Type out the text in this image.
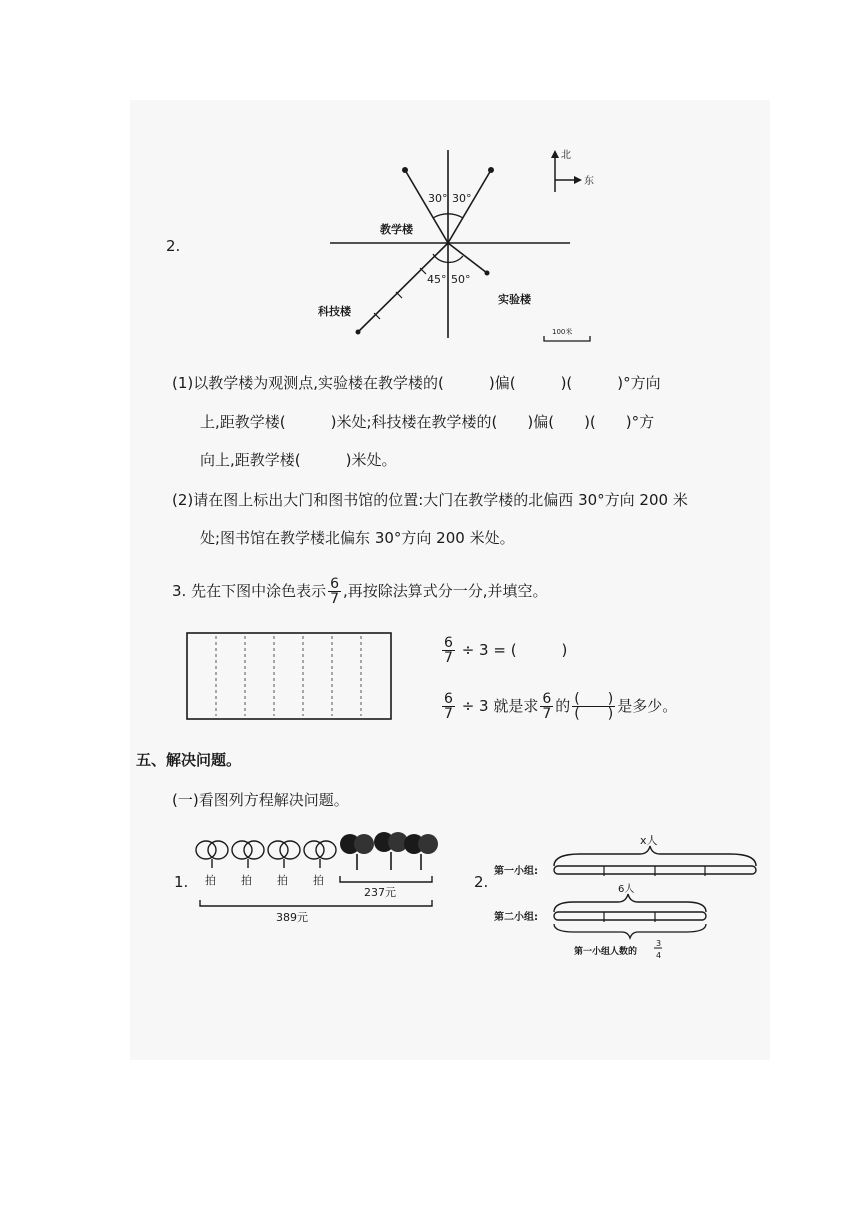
2.
30° 30°
45° 50°
教学楼
科技楼
实验楼
北
东
100米
(1)以教学楼为观测点,实验楼在教学楼的(　　　)偏(　　　)(　　　)°方向
上,距教学楼(　　　)米处;科技楼在教学楼的(　　)偏(　　)(　　)°方
向上,距教学楼(　　　)米处。
(2)请在图上标出大门和图书馆的位置:大门在教学楼的北偏西 30°方向 200 米
处;图书馆在教学楼北偏东 30°方向 200 米处。
3. 先在下图中涂色表示 $\frac{6}{7}$ ,再按除法算式分一分,并填空。
$\frac{6}{7} \div 3$ = (　　　)
$\frac{6}{7} \div 3$ 就是求 $\frac{6}{7}$ 的 $\frac{( )}{( )}$ 是多少。
五、解决问题。
(一)看图列方程解决问题。
1. 拍 拍 拍 拍
237元
389元
2.
x人
第一小组:
6人
第二小组:
第一小组人数的
3
4
